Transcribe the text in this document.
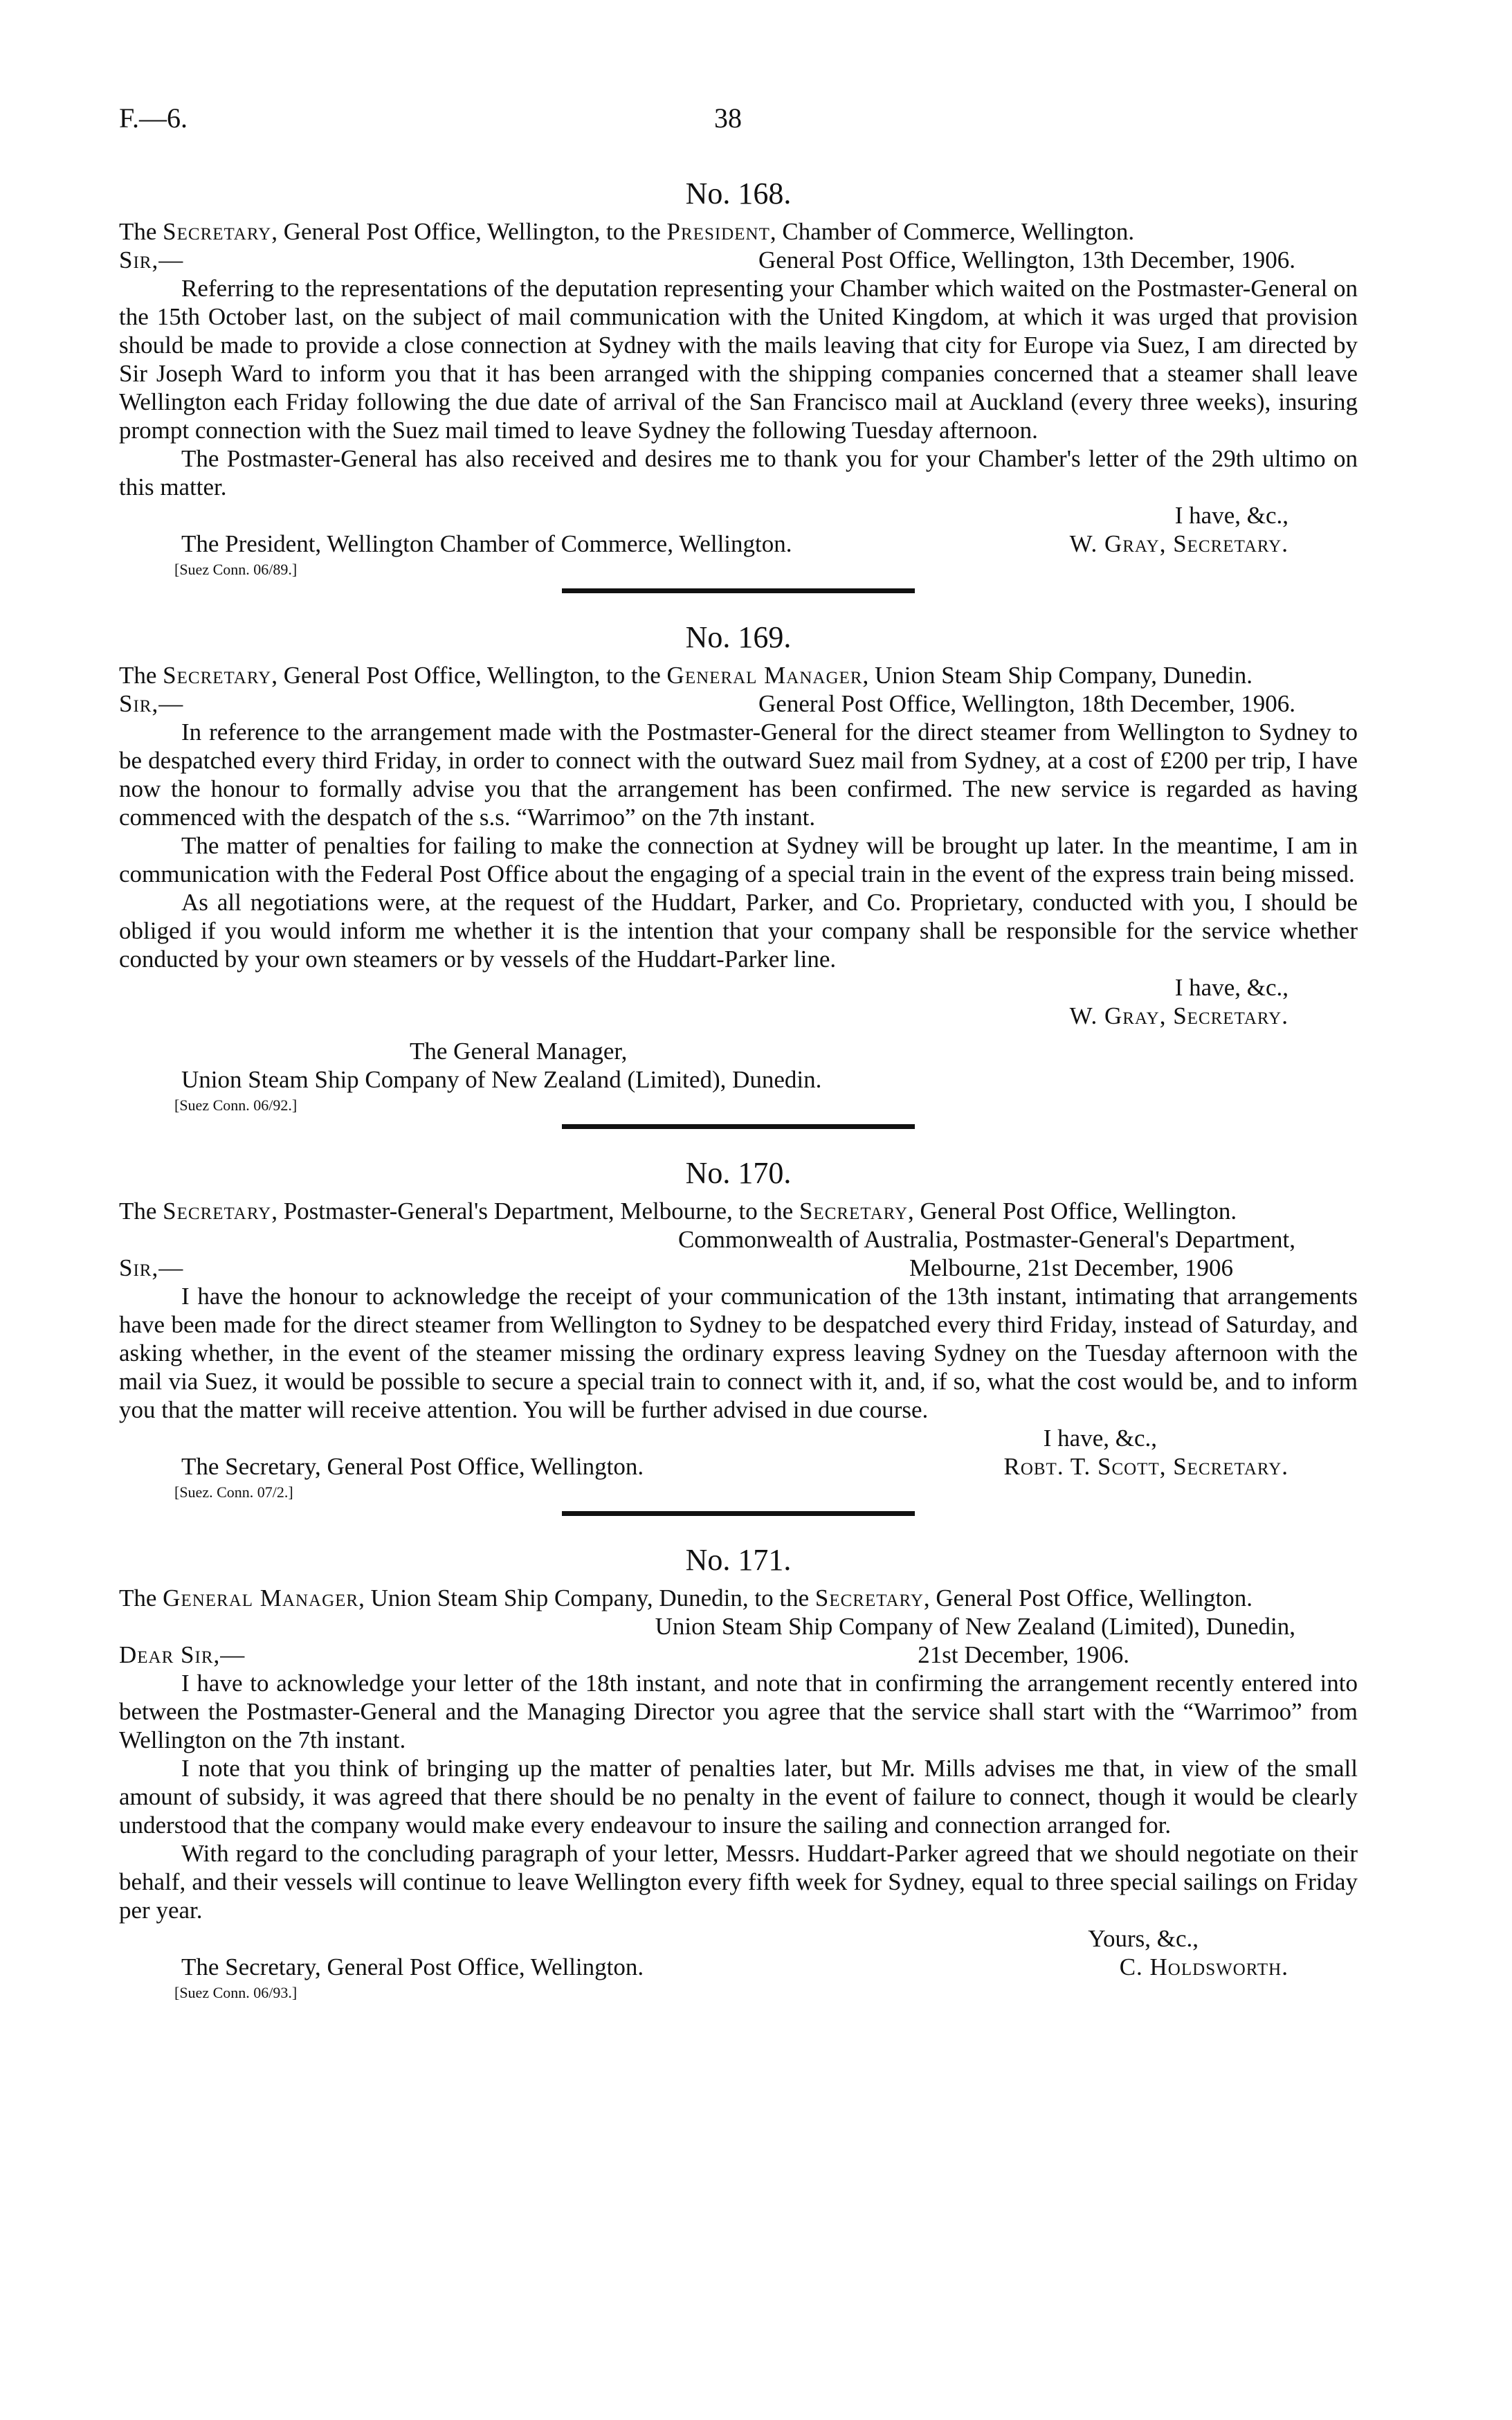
F.—6.	38
No. 168.
The Secretary, General Post Office, Wellington, to the President, Chamber of Commerce, Wellington.
Sir,—	General Post Office, Wellington, 13th December, 1906.

Referring to the representations of the deputation representing your Chamber which waited on the Postmaster-General on the 15th October last, on the subject of mail communication with the United Kingdom, at which it was urged that provision should be made to provide a close connection at Sydney with the mails leaving that city for Europe via Suez, I am directed by Sir Joseph Ward to inform you that it has been arranged with the shipping companies concerned that a steamer shall leave Wellington each Friday following the due date of arrival of the San Francisco mail at Auckland (every three weeks), insuring prompt connection with the Suez mail timed to leave Sydney the following Tuesday afternoon.

The Postmaster-General has also received and desires me to thank you for your Chamber's letter of the 29th ultimo on this matter.

I have, &c.,
The President, Wellington Chamber of Commerce, Wellington.	W. Gray, Secretary.
[Suez Conn. 06/89.]
No. 169.
The Secretary, General Post Office, Wellington, to the General Manager, Union Steam Ship Company, Dunedin.
Sir,—	General Post Office, Wellington, 18th December, 1906.

In reference to the arrangement made with the Postmaster-General for the direct steamer from Wellington to Sydney to be despatched every third Friday, in order to connect with the outward Suez mail from Sydney, at a cost of £200 per trip, I have now the honour to formally advise you that the arrangement has been confirmed. The new service is regarded as having commenced with the despatch of the s.s. “Warrimoo” on the 7th instant.

The matter of penalties for failing to make the connection at Sydney will be brought up later. In the meantime, I am in communication with the Federal Post Office about the engaging of a special train in the event of the express train being missed.

As all negotiations were, at the request of the Huddart, Parker, and Co. Proprietary, conducted with you, I should be obliged if you would inform me whether it is the intention that your company shall be responsible for the service whether conducted by your own steamers or by vessels of the Huddart-Parker line.

I have, &c.,
W. Gray, Secretary.
The General Manager,
Union Steam Ship Company of New Zealand (Limited), Dunedin.
[Suez Conn. 06/92.]
No. 170.
The Secretary, Postmaster-General's Department, Melbourne, to the Secretary, General Post Office, Wellington.
Commonwealth of Australia, Postmaster-General's Department,
Sir,—	Melbourne, 21st December, 1906

I have the honour to acknowledge the receipt of your communication of the 13th instant, intimating that arrangements have been made for the direct steamer from Wellington to Sydney to be despatched every third Friday, instead of Saturday, and asking whether, in the event of the steamer missing the ordinary express leaving Sydney on the Tuesday afternoon with the mail via Suez, it would be possible to secure a special train to connect with it, and, if so, what the cost would be, and to inform you that the matter will receive attention. You will be further advised in due course.

I have, &c.,
The Secretary, General Post Office, Wellington.	Robt. T. Scott, Secretary.
[Suez. Conn. 07/2.]
No. 171.
The General Manager, Union Steam Ship Company, Dunedin, to the Secretary, General Post Office, Wellington.
Union Steam Ship Company of New Zealand (Limited), Dunedin,
Dear Sir,—	21st December, 1906.

I have to acknowledge your letter of the 18th instant, and note that in confirming the arrangement recently entered into between the Postmaster-General and the Managing Director you agree that the service shall start with the “Warrimoo” from Wellington on the 7th instant.

I note that you think of bringing up the matter of penalties later, but Mr. Mills advises me that, in view of the small amount of subsidy, it was agreed that there should be no penalty in the event of failure to connect, though it would be clearly understood that the company would make every endeavour to insure the sailing and connection arranged for.

With regard to the concluding paragraph of your letter, Messrs. Huddart-Parker agreed that we should negotiate on their behalf, and their vessels will continue to leave Wellington every fifth week for Sydney, equal to three special sailings on Friday per year.

Yours, &c.,
The Secretary, General Post Office, Wellington.	C. Holdsworth.
[Suez Conn. 06/93.]
